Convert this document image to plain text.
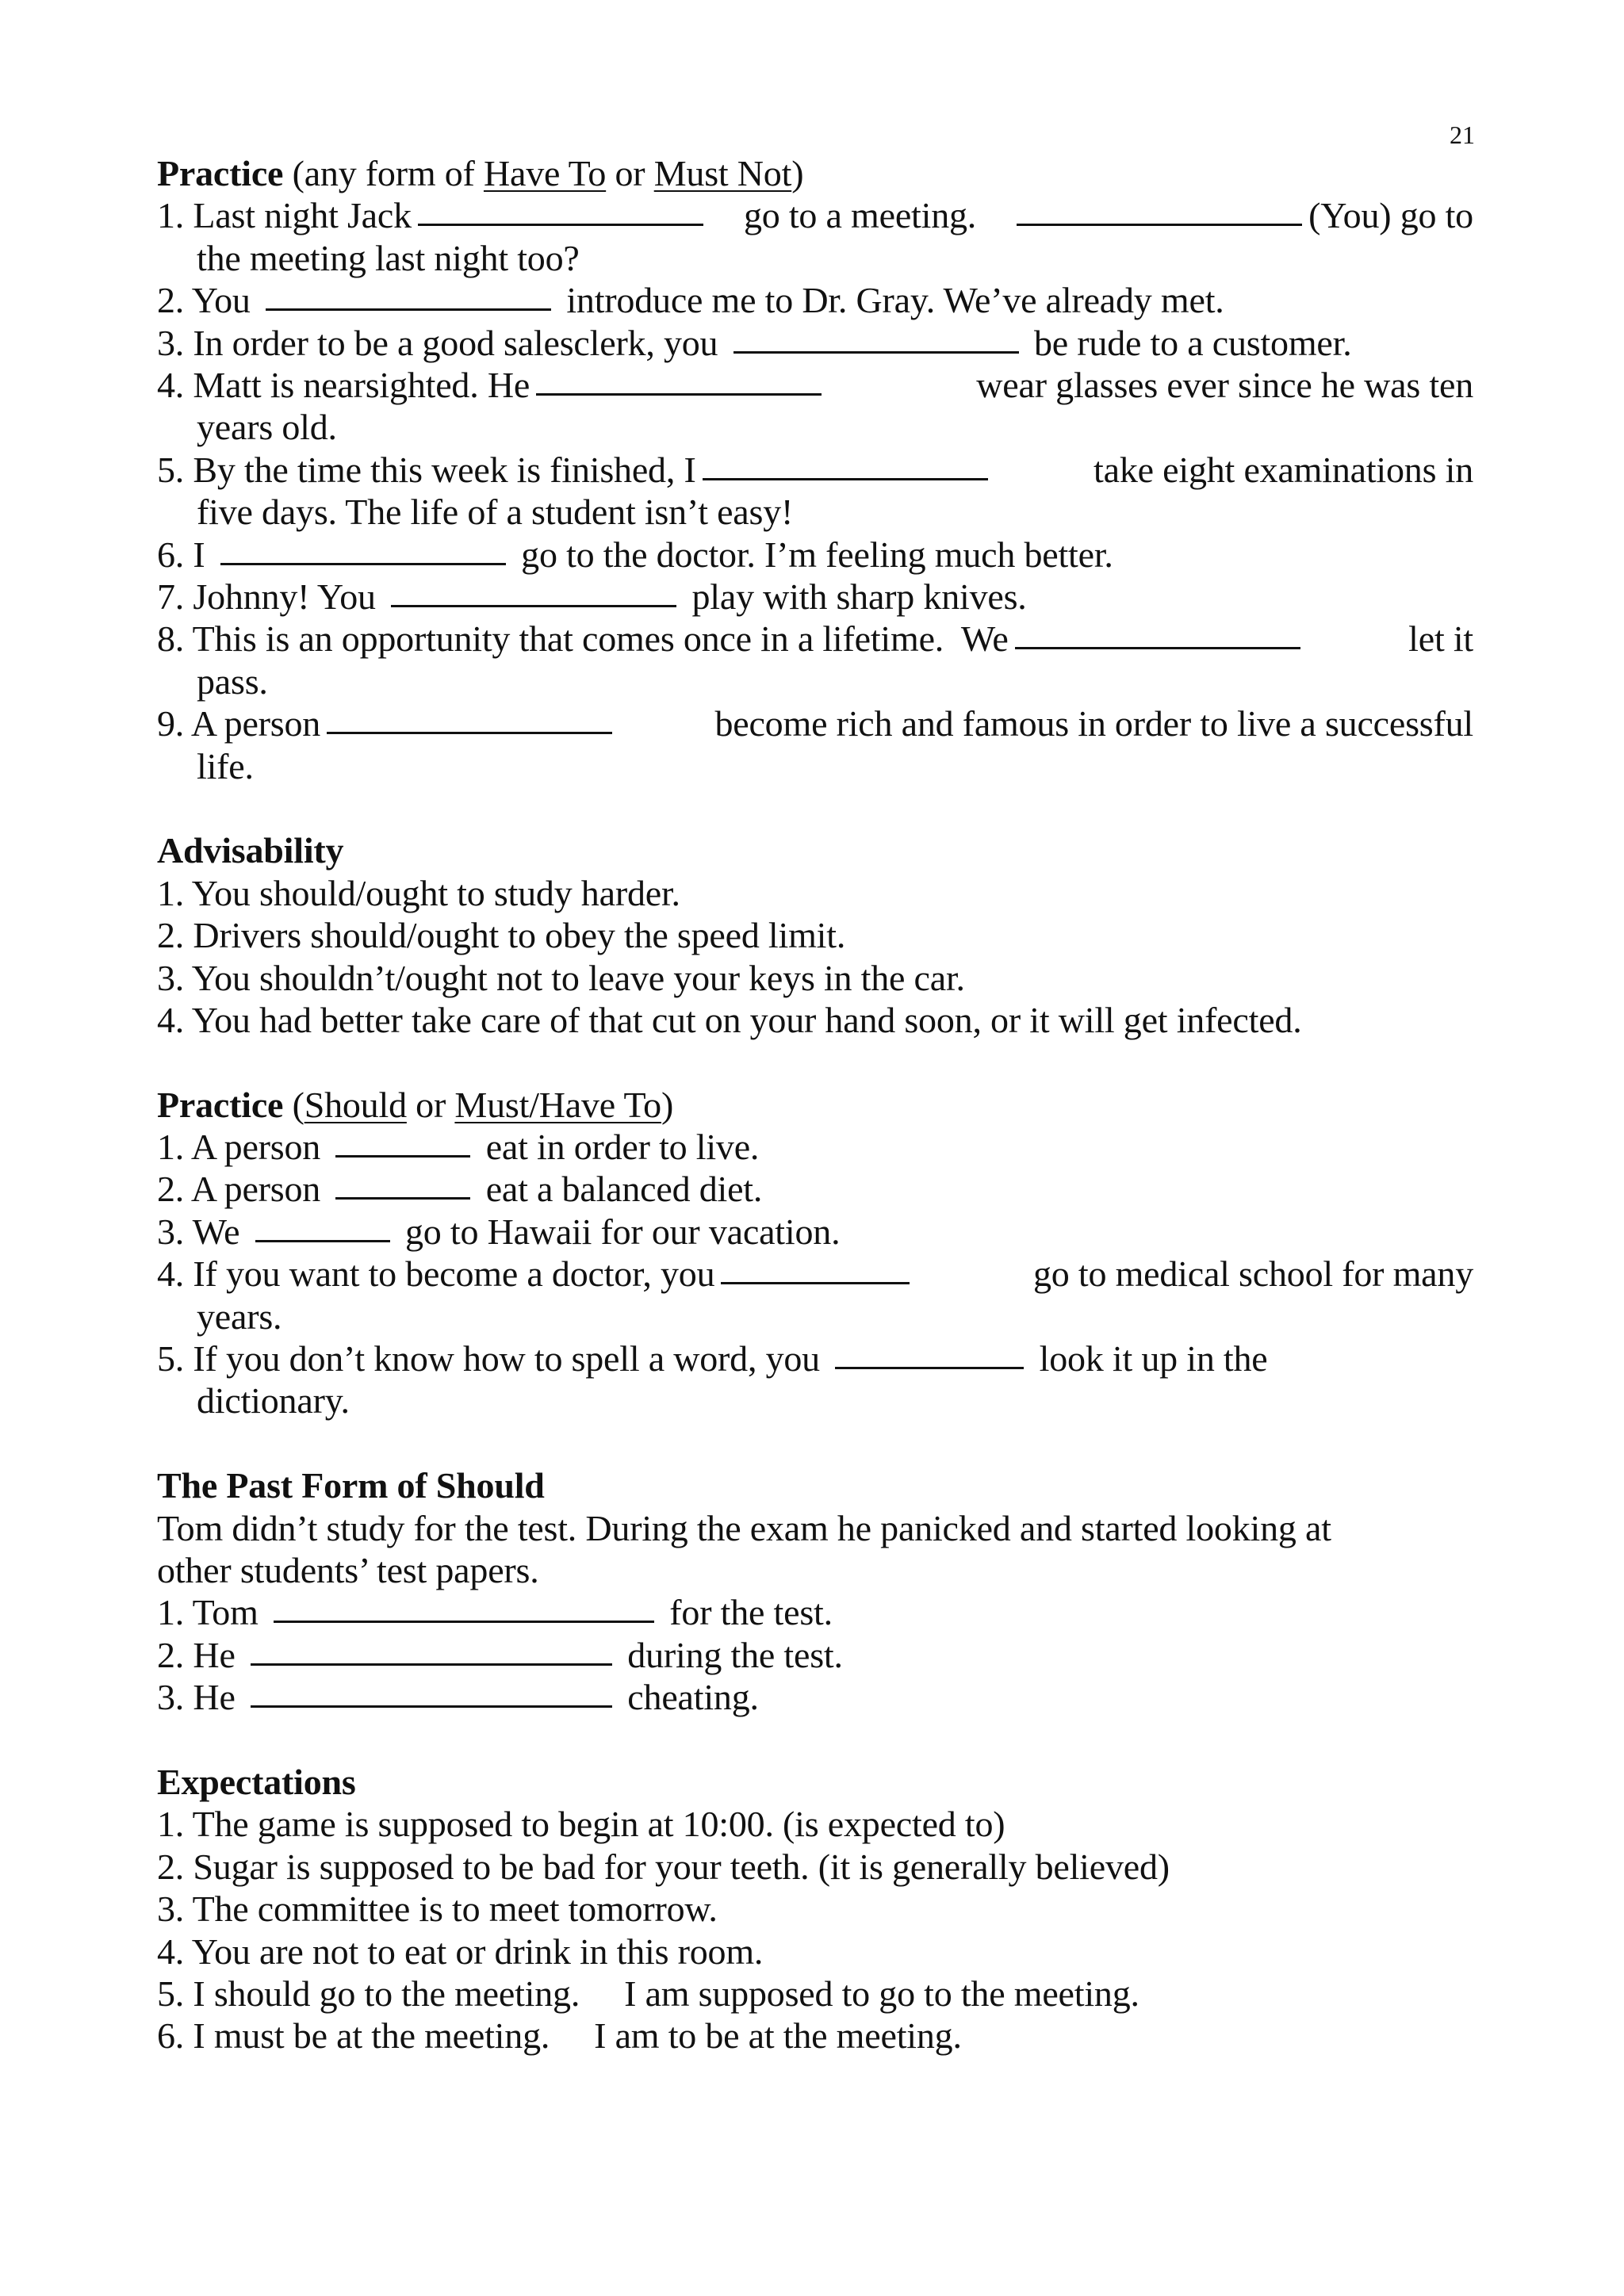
21
Practice (any form of Have To or Must Not)
1. Last night Jack	go to a meeting.	(You) go to
the meeting last night too?
2. You	introduce me to Dr. Gray. We’ve already met.
3. In order to be a good salesclerk, you	be rude to a customer.
4. Matt is nearsighted. He	wear glasses ever since he was ten
years old.
5. By the time this week is finished, I	take eight examinations in
five days. The life of a student isn’t easy!
6. I	go to the doctor. I’m feeling much better.
7. Johnny! You	play with sharp knives.
8. This is an opportunity that comes once in a lifetime.  We	let it
pass.
9. A person	become rich and famous in order to live a successful
life.
Advisability
1. You should/ought to study harder.
2. Drivers should/ought to obey the speed limit.
3. You shouldn’t/ought not to leave your keys in the car.
4. You had better take care of that cut on your hand soon, or it will get infected.
Practice (Should or Must/Have To)
1. A person	eat in order to live.
2. A person	eat a balanced diet.
3. We	go to Hawaii for our vacation.
4. If you want to become a doctor, you	go to medical school for many
years.
5. If you don’t know how to spell a word, you	look it up in the
dictionary.
The Past Form of Should
Tom didn’t study for the test. During the exam he panicked and started looking at
other students’ test papers.
1. Tom	for the test.
2. He	during the test.
3. He	cheating.
Expectations
1. The game is supposed to begin at 10:00. (is expected to)
2. Sugar is supposed to be bad for your teeth. (it is generally believed)
3. The committee is to meet tomorrow.
4. You are not to eat or drink in this room.
5. I should go to the meeting. I am supposed to go to the meeting.
6. I must be at the meeting. I am to be at the meeting.
